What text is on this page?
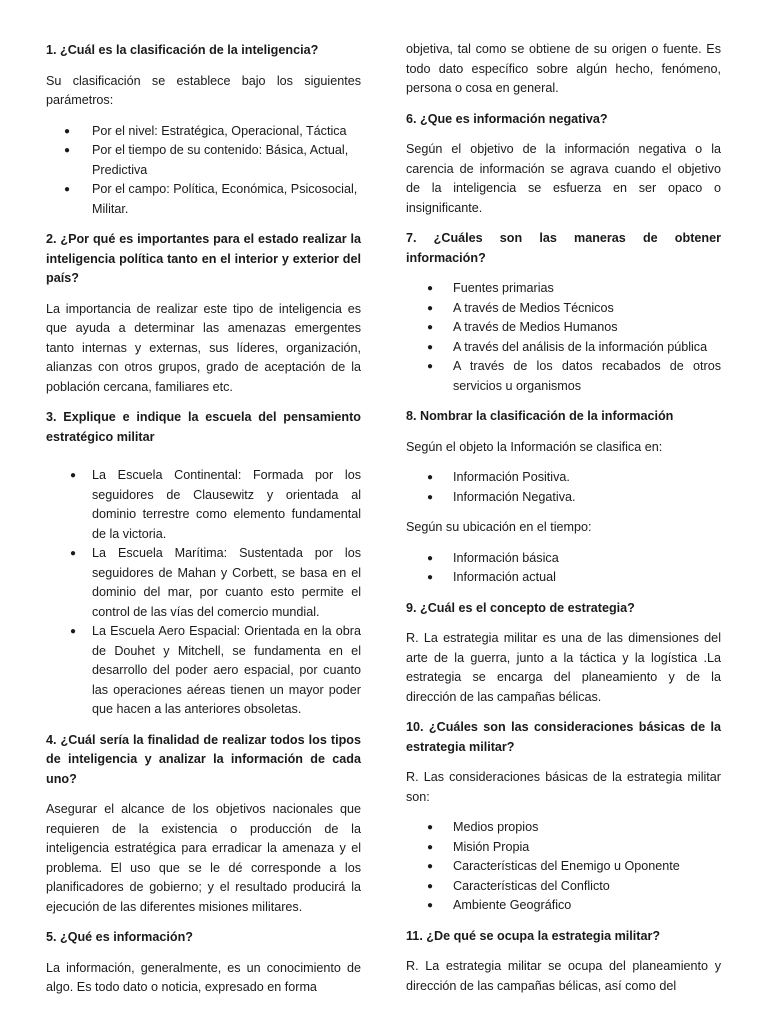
1. ¿Cuál es la clasificación de la inteligencia?

Su clasificación se establece bajo los siguientes parámetros:

● Por el nivel: Estratégica, Operacional, Táctica
● Por el tiempo de su contenido: Básica, Actual, Predictiva
● Por el campo: Política, Económica, Psicosocial, Militar.

2. ¿Por qué es importantes para el estado realizar la inteligencia política tanto en el interior y exterior del país?

La importancia de realizar este tipo de inteligencia es que ayuda a determinar las amenazas emergentes tanto internas y externas, sus líderes, organización, alianzas con otros grupos, grado de aceptación de la población cercana, familiares etc.

3. Explique e indique la escuela del pensamiento estratégico militar

● La Escuela Continental: Formada por los seguidores de Clausewitz y orientada al dominio terrestre como elemento fundamental de la victoria.
● La Escuela Marítima: Sustentada por los seguidores de Mahan y Corbett, se basa en el dominio del mar, por cuanto esto permite el control de las vías del comercio mundial.
● La Escuela Aero Espacial: Orientada en la obra de Douhet y Mitchell, se fundamenta en el desarrollo del poder aero espacial, por cuanto las operaciones aéreas tienen un mayor poder que hacen a las anteriores obsoletas.

4. ¿Cuál sería la finalidad de realizar todos los tipos de inteligencia y analizar la información de cada uno?

Asegurar el alcance de los objetivos nacionales que requieren de la existencia o producción de la inteligencia estratégica para erradicar la amenaza y el problema. El uso que se le dé corresponde a los planificadores de gobierno; y el resultado producirá la ejecución de las diferentes misiones militares.

5. ¿Qué es información?

La información, generalmente, es un conocimiento de algo. Es todo dato o noticia, expresado en forma

objetiva, tal como se obtiene de su origen o fuente. Es todo dato específico sobre algún hecho, fenómeno, persona o cosa en general.

6. ¿Que es información negativa?

Según el objetivo de la información negativa o la carencia de información se agrava cuando el objetivo de la inteligencia se esfuerza en ser opaco o insignificante.

7. ¿Cuáles son las maneras de obtener información?

● Fuentes primarias
● A través de Medios Técnicos
● A través de Medios Humanos
● A través del análisis de la información pública
● A través de los datos recabados de otros servicios u organismos

8. Nombrar la clasificación de la información

Según el objeto la Información se clasifica en:

● Información Positiva.
● Información Negativa.

Según su ubicación en el tiempo:

● Información básica
● Información actual

9. ¿Cuál es el concepto de estrategia?

R. La estrategia militar es una de las dimensiones del arte de la guerra, junto a la táctica y la logística .La estrategia se encarga del planeamiento y de la dirección de las campañas bélicas.

10. ¿Cuáles son las consideraciones básicas de la estrategia militar?

R. Las consideraciones básicas de la estrategia militar son:

● Medios propios
● Misión Propia
● Características del Enemigo u Oponente
● Características del Conflicto
● Ambiente Geográfico

11. ¿De qué se ocupa la estrategia militar?

R. La estrategia militar se ocupa del planeamiento y dirección de las campañas bélicas, así como del
